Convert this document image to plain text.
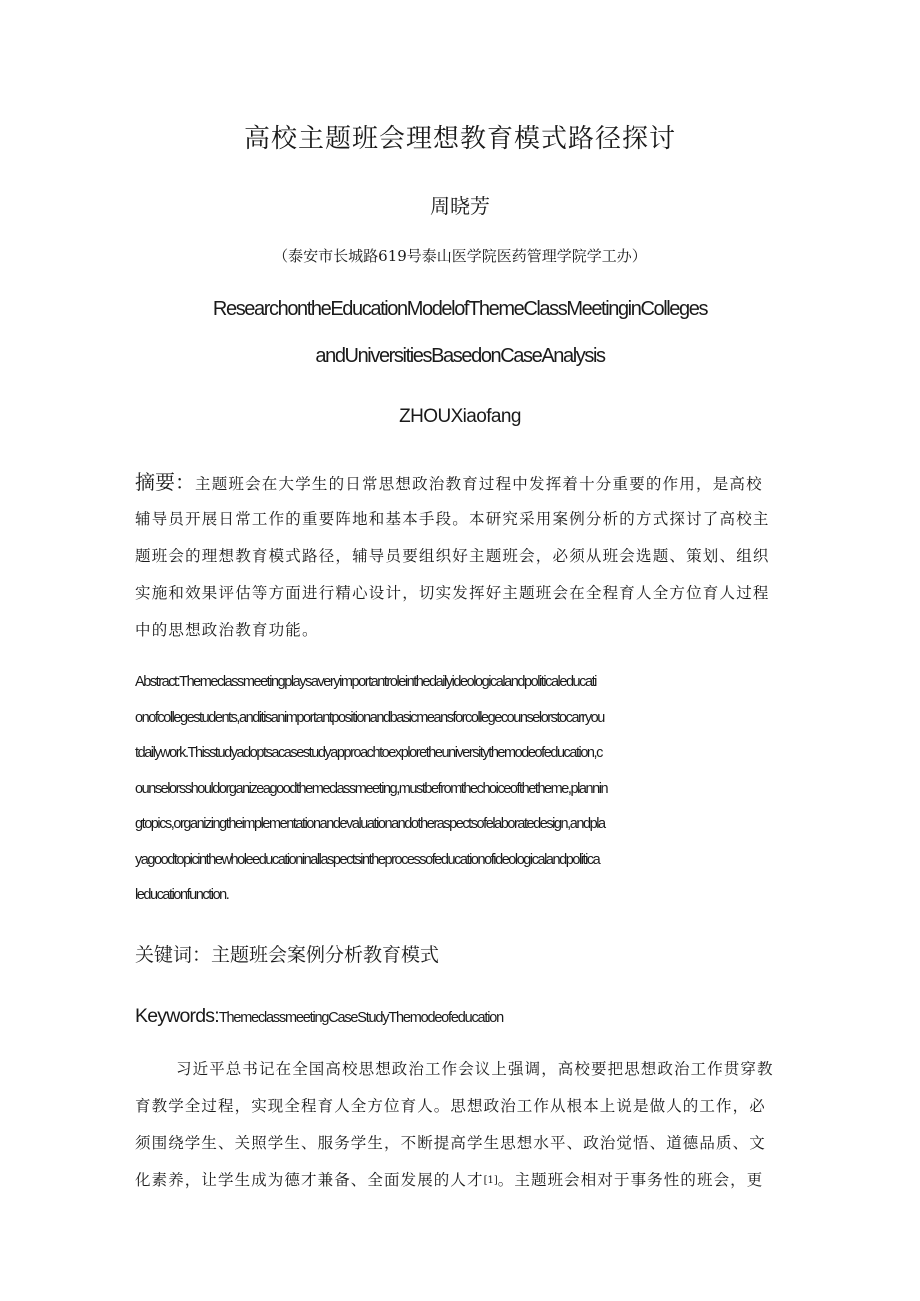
高校主题班会理想教育模式路径探讨
周晓芳
（泰安市长城路619号泰山医学院医药管理学院学工办）
ResearchontheEducationModelofThemeClassMeetinginColleges
andUniversitiesBasedonCaseAnalysis
ZHOUXiaofang
摘要：主题班会在大学生的日常思想政治教育过程中发挥着十分重要的作用，是高校
辅导员开展日常工作的重要阵地和基本手段。本研究采用案例分析的方式探讨了高校主
题班会的理想教育模式路径，辅导员要组织好主题班会，必须从班会选题、策划、组织
实施和效果评估等方面进行精心设计，切实发挥好主题班会在全程育人全方位育人过程
中的思想政治教育功能。
Abstract:Themeclassmeetingplaysaveryimportantroleinthedailyideologicalandpoliticaleducati
onofcollegestudents,anditisanimportantpositionandbasicmeansforcollegecounselorstocarryou
tdailywork.Thisstudyadoptsacasestudyapproachtoexploretheuniversitythemodeofeducation,c
ounselorsshouldorganizeagoodthemeclassmeeting,mustbefromthechoiceofthetheme,plannin
gtopics,organizingtheimplementationandevaluationandotheraspectsofelaboratedesign,andpla
yagoodtopicinthewholeeducationinallaspectsintheprocessofeducationofideologicalandpolitica
leducationfunction.
关键词：主题班会案例分析教育模式
Keywords:ThemeclassmeetingCaseStudyThemodeofeducation
习近平总书记在全国高校思想政治工作会议上强调，高校要把思想政治工作贯穿教
育教学全过程，实现全程育人全方位育人。思想政治工作从根本上说是做人的工作，必
须围绕学生、关照学生、服务学生，不断提高学生思想水平、政治觉悟、道德品质、文
化素养，让学生成为德才兼备、全面发展的人才[1]。主题班会相对于事务性的班会，更
